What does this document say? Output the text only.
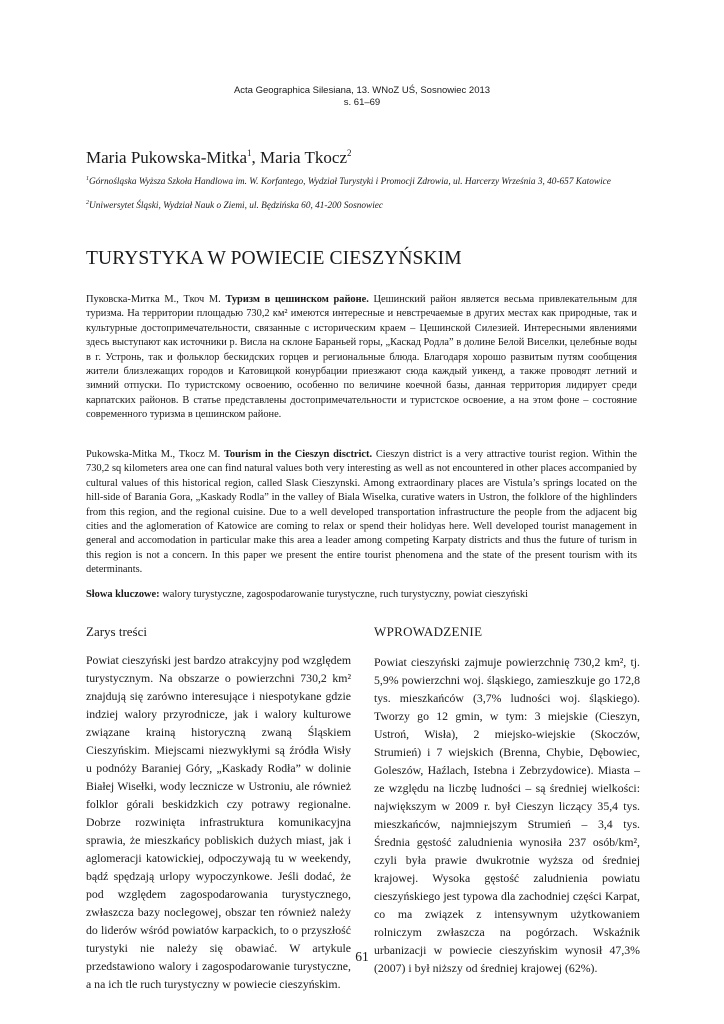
Acta Geographica Silesiana, 13. WNoZ UŚ, Sosnowiec 2013
s. 61–69
Maria Pukowska-Mitka$^1$, Maria Tkocz$^2$
$^1$Górnośląska Wyższa Szkoła Handlowa im. W. Korfantego, Wydział Turystyki i Promocji Zdrowia, ul. Harcerzy Września 3, 40-657 Katowice
$^2$Uniwersytet Śląski, Wydział Nauk o Ziemi, ul. Będzińska 60, 41-200 Sosnowiec
TURYSTYKA W POWIECIE CIESZYŃSKIM
Пуковска-Митка М., Ткоч М. Туризм в цешинском районе. Цешинский район является весьма привлекательным для туризма. На территории площадью 730,2 км² имеются интересные и невстречаемые в других местах как природные, так и культурные достопримечательности, связанные с историческим краем – Цешинской Силезией. Интересными явлениями здесь выступают как источники р. Висла на склоне Бараньей горы, „Каскад Родла” в долине Белой Виселки, целебные воды в г. Устронь, так и фольклор бескидских горцев и региональные блюда. Благодаря хорошо развитым путям сообщения жители близлежащих городов и Катовицкой конурбации приезжают сюда каждый уикенд, а также проводят летний и зимний отпуски. По туристскому освоению, особенно по величине коечной базы, данная территория лидирует среди карпатских районов. В статье представлены достопримечательности и туристское освоение, а на этом фоне – состояние современного туризма в цешинском районе.
Pukowska-Mitka M., Tkocz M. Tourism in the Cieszyn disctrict. Cieszyn district is a very attractive tourist region. Within the 730,2 sq kilometers area one can find natural values both very interesting as well as not encountered in other places accompanied by cultural values of this historical region, called Slask Cieszynski. Among extraordinary places are Vistula’s springs located on the hill-side of Barania Gora, „Kaskady Rodla” in the valley of Biala Wiselka, curative waters in Ustron, the folklore of the highlinders from this region, and the regional cuisine. Due to a well developed transportation infrastructure the people from the adjacent big cities and the aglomeration of Katowice are coming to relax or spend their holidyas here. Well developed tourist management in general and accomodation in particular make this area a leader among competing Karpaty districts and thus the future of turism in this region is not a concern. In this paper we present the entire tourist phenomena and the state of the present tourism with its determinants.
Słowa kluczowe: walory turystyczne, zagospodarowanie turystyczne, ruch turystyczny, powiat cieszyński
Zarys treści	WPROWADZENIE
Powiat cieszyński jest bardzo atrakcyjny pod względem turystycznym. Na obszarze o powierzchni 730,2 km² znajdują się zarówno interesujące i niespotykane gdzie indziej walory przyrodnicze, jak i walory kulturowe związane krainą historyczną zwaną Śląskiem Cieszyńskim. Miejscami niezwykłymi są źródła Wisły u podnóży Baraniej Góry, „Kaskady Rodła” w dolinie Białej Wisełki, wody lecznicze w Ustroniu, ale również folklor górali beskidzkich czy potrawy regionalne. Dobrze rozwinięta infrastruktura komunikacyjna sprawia, że mieszkańcy pobliskich dużych miast, jak i aglomeracji katowickiej, odpoczywają tu w weekendy, bądź spędzają urlopy wypoczynkowe. Jeśli dodać, że pod względem zagospodarowania turystycznego, zwłaszcza bazy noclegowej, obszar ten również należy do liderów wśród powiatów karpackich, to o przyszłość turystyki nie należy się obawiać. W artykule przedstawiono walory i zagospodarowanie turystyczne, a na ich tle ruch turystyczny w powiecie cieszyńskim.
Powiat cieszyński zajmuje powierzchnię 730,2 km², tj. 5,9% powierzchni woj. śląskiego, zamieszkuje go 172,8 tys. mieszkańców (3,7% ludności woj. śląskiego). Tworzy go 12 gmin, w tym: 3 miejskie (Cieszyn, Ustroń, Wisła), 2 miejsko-wiejskie (Skoczów, Strumień) i 7 wiejskich (Brenna, Chybie, Dębowiec, Goleszów, Haźlach, Istebna i Zebrzydowice). Miasta – ze względu na liczbę ludności – są średniej wielkości: największym w 2009 r. był Cieszyn liczący 35,4 tys. mieszkańców, najmniejszym Strumień – 3,4 tys. Średnia gęstość zaludnienia wynosiła 237 osób/km², czyli była prawie dwukrotnie wyższa od średniej krajowej. Wysoka gęstość zaludnienia powiatu cieszyńskiego jest typowa dla zachodniej części Karpat, co ma związek z intensywnym użytkowaniem rolniczym zwłaszcza na pogórzach. Wskaźnik urbanizacji w powiecie cieszyńskim wynosił 47,3% (2007) i był niższy od średniej krajowej (62%).
61
